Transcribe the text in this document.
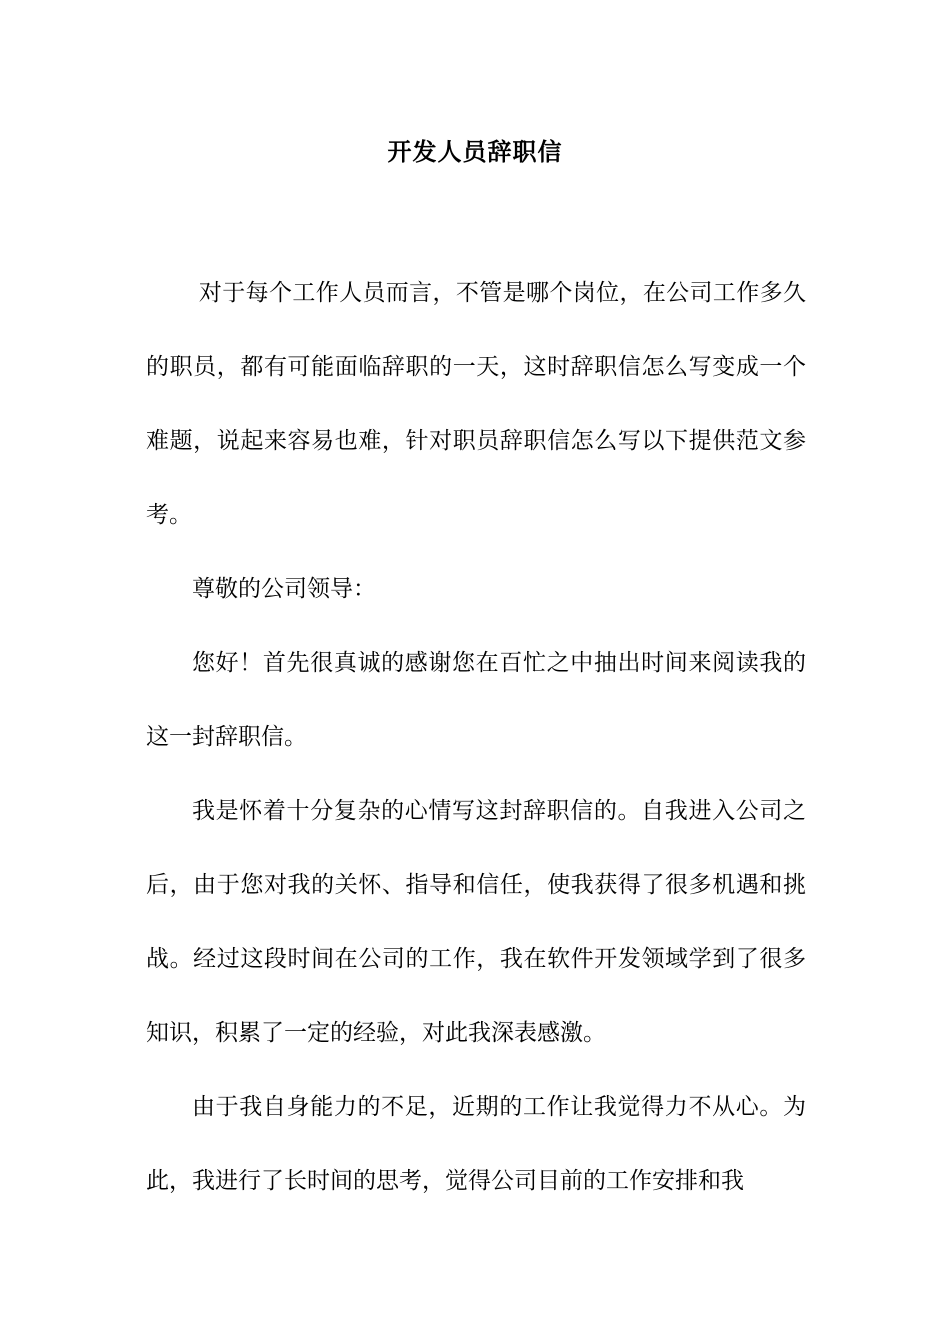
开发人员辞职信

对于每个工作人员而言，不管是哪个岗位，在公司工作多久的职员，都有可能面临辞职的一天，这时辞职信怎么写变成一个难题，说起来容易也难，针对职员辞职信怎么写以下提供范文参考。

尊敬的公司领导：

您好！首先很真诚的感谢您在百忙之中抽出时间来阅读我的这一封辞职信。

我是怀着十分复杂的心情写这封辞职信的。自我进入公司之后，由于您对我的关怀、指导和信任，使我获得了很多机遇和挑战。经过这段时间在公司的工作，我在软件开发领域学到了很多知识，积累了一定的经验，对此我深表感激。

由于我自身能力的不足，近期的工作让我觉得力不从心。为此，我进行了长时间的思考，觉得公司目前的工作安排和我
